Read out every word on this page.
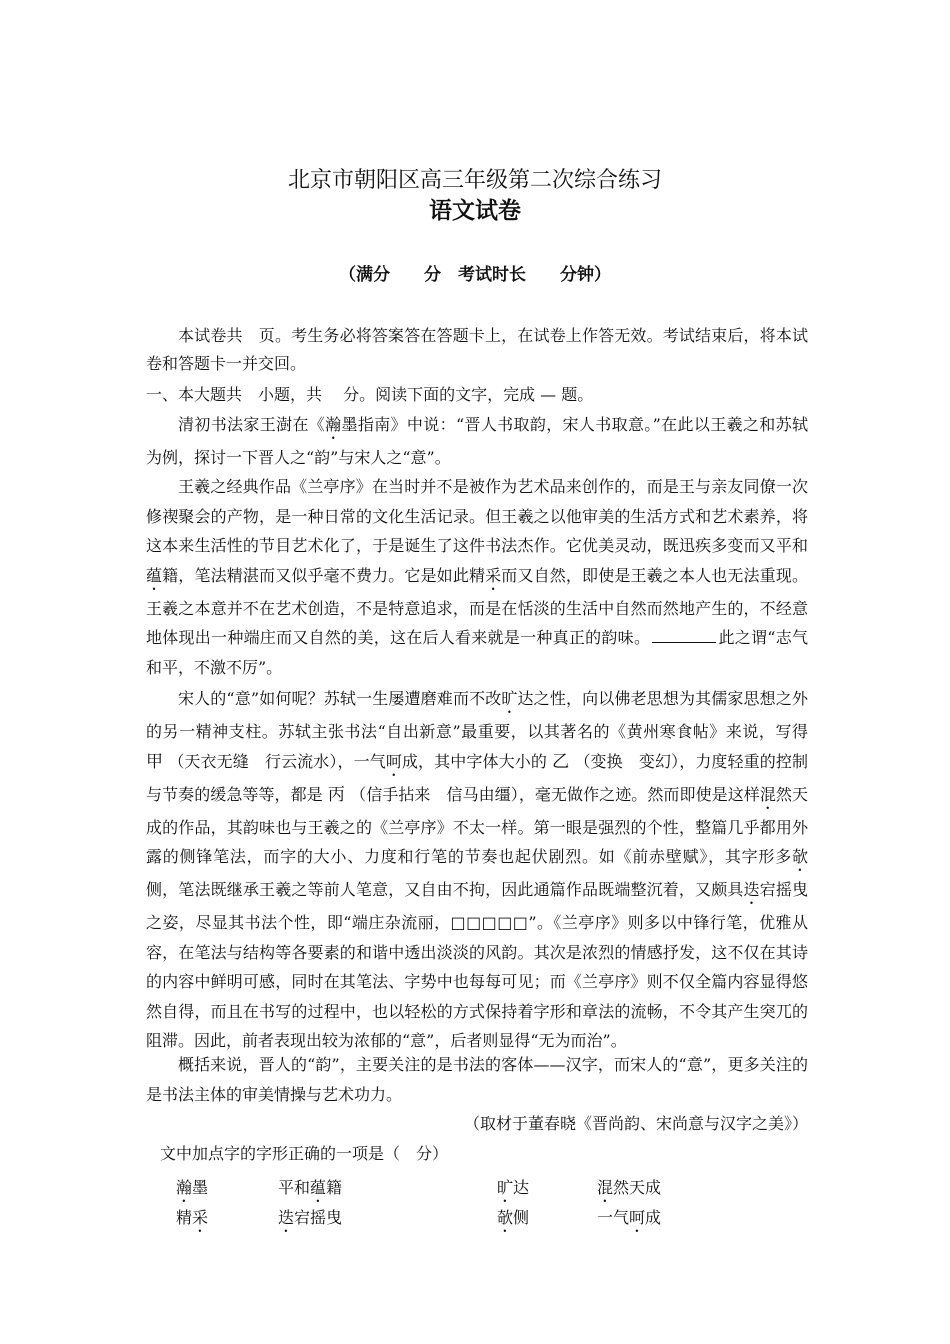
北京市朝阳区高三年级第二次综合练习
语文试卷
（满分　　分　考试时长　　分钟）
本试卷共　页。考生务必将答案答在答题卡上，在试卷上作答无效。考试结束后，将本试卷和答题卡一并交回。
一、本大题共　小题，共　 分。阅读下面的文字，完成 — 题。
清初书法家王澍在《瀚墨指南》中说：“晋人书取韵，宋人书取意。”在此以王羲之和苏轼为例，探讨一下晋人之“韵”与宋人之“意”。
王羲之经典作品《兰亭序》在当时并不是被作为艺术品来创作的，而是王与亲友同僚一次修禊聚会的产物，是一种日常的文化生活记录。但王羲之以他审美的生活方式和艺术素养，将这本来生活性的节目艺术化了，于是诞生了这件书法杰作。它优美灵动，既迅疾多变而又平和蕴籍，笔法精湛而又似乎毫不费力。它是如此精采而又自然，即使是王羲之本人也无法重现。王羲之本意并不在艺术创造，不是特意追求，而是在恬淡的生活中自然而然地产生的，不经意地体现出一种端庄而又自然的美，这在后人看来就是一种真正的韵味。	此之谓“志气和平，不激不厉”。
宋人的“意”如何呢？苏轼一生屡遭磨难而不改旷达之性，向以佛老思想为其儒家思想之外的另一精神支柱。苏轼主张书法“自出新意”最重要，以其著名的《黄州寒食帖》来说，写得 甲 （天衣无缝　行云流水），一气呵成，其中字体大小的 乙 （变换　变幻），力度轻重的控制与节奏的缓急等等，都是 丙 （信手拈来　信马由缰），毫无做作之迹。然而即使是这样混然天成的作品，其韵味也与王羲之的《兰亭序》不太一样。第一眼是强烈的个性，整篇几乎都用外露的侧锋笔法，而字的大小、力度和行笔的节奏也起伏剧烈。如《前赤壁赋》，其字形多欹侧，笔法既继承王羲之等前人笔意，又自由不拘，因此通篇作品既端整沉着，又颇具迭宕摇曳之姿，尽显其书法个性，即“端庄杂流丽，□□□□□”。《兰亭序》则多以中锋行笔，优雅从容，在笔法与结构等各要素的和谐中透出淡淡的风韵。其次是浓烈的情感抒发，这不仅在其诗的内容中鲜明可感，同时在其笔法、字势中也每每可见；而《兰亭序》则不仅全篇内容显得悠然自得，而且在书写的过程中，也以轻松的方式保持着字形和章法的流畅，不令其产生突兀的阻滞。因此，前者表现出较为浓郁的“意”，后者则显得“无为而治”。
概括来说，晋人的“韵”，主要关注的是书法的客体——汉字，而宋人的“意”，更多关注的是书法主体的审美情操与艺术功力。
（取材于董春晓《晋尚韵、宋尚意与汉字之美》）
文中加点字的字形正确的一项是（　分）
瀚墨	平和蕴籍	旷达	混然天成
精采	迭宕摇曳	欹侧	一气呵成
